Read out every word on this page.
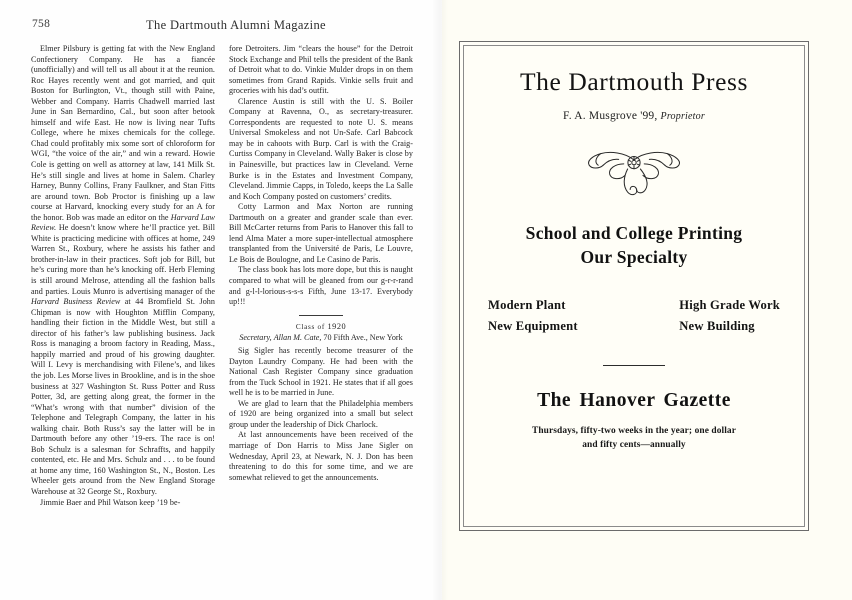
758	The Dartmouth Alumni Magazine

Elmer Pilsbury is getting fat with the New England Confectionery Company. He has a fiancée (unofficially) and will tell us all about it at the reunion. Roc Hayes recently went and got married, and quit Boston for Burlington, Vt., though still with Paine, Webber and Company. Harris Chadwell married last June in San Bernardino, Cal., but soon after betook himself and wife East. He now is living near Tufts College, where he mixes chemicals for the college. Chad could profitably mix some sort of chloroform for WGI, “the voice of the air,” and win a reward. Howie Cole is getting on well as attorney at law, 141 Milk St. He’s still single and lives at home in Salem. Charley Harney, Bunny Collins, Frany Faulkner, and Stan Fitts are around town. Bob Proctor is finishing up a law course at Harvard, knocking every study for an A for the honor. Bob was made an editor on the Harvard Law Review. He doesn’t know where he’ll practice yet. Bill White is practicing medicine with offices at home, 249 Warren St., Roxbury, where he assists his father and brother-in-law in their practices. Soft job for Bill, but he’s curing more than he’s knocking off. Herb Fleming is still around Melrose, attending all the fashion balls and parties. Louis Munro is advertising manager of the Harvard Business Review at 44 Bromfield St. John Chipman is now with Houghton Mifflin Company, handling their fiction in the Middle West, but still a director of his father’s law publishing business. Jack Ross is managing a broom factory in Reading, Mass., happily married and proud of his growing daughter. Will I. Levy is merchandising with Filene’s, and likes the job. Les Morse lives in Brookline, and is in the shoe business at 327 Washington St. Russ Potter and Russ Potter, 3d, are getting along great, the former in the “What’s wrong with that number” division of the Telephone and Telegraph Company, the latter in his walking chair. Both Russ’s say the latter will be in Dartmouth before any other ’19-ers. The race is on! Bob Schulz is a salesman for Schraffts, and happily contented, etc. He and Mrs. Schulz and . . . to be found at home any time, 160 Washington St., N., Boston. Les Wheeler gets around from the New England Storage Warehouse at 32 George St., Roxbury.

Jimmie Baer and Phil Watson keep ’19 be-

fore Detroiters. Jim “clears the house” for the Detroit Stock Exchange and Phil tells the president of the Bank of Detroit what to do. Vinkie Mulder drops in on them sometimes from Grand Rapids. Vinkie sells fruit and groceries with his dad’s outfit.

Clarence Austin is still with the U. S. Boiler Company at Ravenna, O., as secretary-treasurer. Correspondents are requested to note U. S. means Universal Smokeless and not Un-Safe. Carl Babcock may be in cahoots with Burp. Carl is with the Craig-Curtiss Company in Cleveland. Wally Baker is close by in Painesville, but practices law in Cleveland. Verne Burke is in the Estates and Investment Company, Cleveland. Jimmie Capps, in Toledo, keeps the La Salle and Koch Company posted on customers’ credits.

Cotty Larmon and Max Norton are running Dartmouth on a greater and grander scale than ever. Bill McCarter returns from Paris to Hanover this fall to lend Alma Mater a more super-intellectual atmosphere transplanted from the Université de Paris, Le Louvre, Le Bois de Boulogne, and Le Casino de Paris.

The class book has lots more dope, but this is naught compared to what will be gleaned from our g-r-r-rand and g-l-l-lorious-s-s-s Fifth, June 13-17. Everybody up!!!

Class of 1920
Secretary, Allan M. Cate, 70 Fifth Ave., New York

Sig Sigler has recently become treasurer of the Dayton Laundry Company. He had been with the National Cash Register Company since graduation from the Tuck School in 1921. He states that if all goes well he is to be married in June.

We are glad to learn that the Philadelphia members of 1920 are being organized into a small but select group under the leadership of Dick Charlock.

At last announcements have been received of the marriage of Don Harris to Miss Jane Sigler on Wednesday, April 23, at Newark, N. J. Don has been threatening to do this for some time, and we are somewhat relieved to get the announcements.

The Dartmouth Press
F. A. Musgrove '99, Proprietor
School and College Printing
Our Specialty
Modern Plant
New Equipment
High Grade Work
New Building
The Hanover Gazette
Thursdays, fifty-two weeks in the year; one dollar
and fifty cents—annually
